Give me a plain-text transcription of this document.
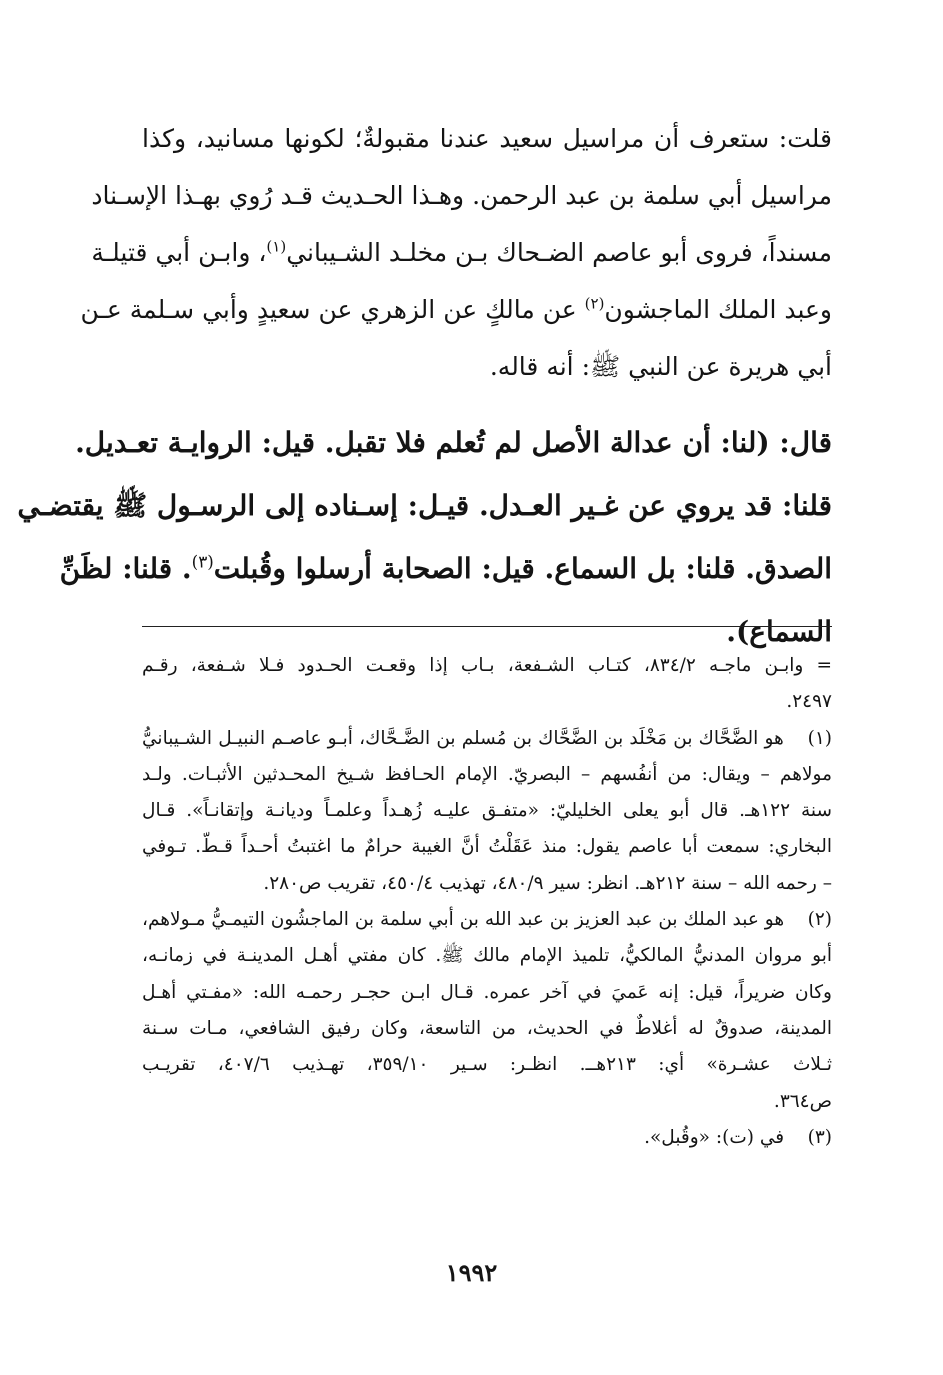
قلت: ستعرف أن مراسيل سعيد عندنا مقبولةٌ؛ لكونها مسانيد، وكذا
مراسيل أبي سلمة بن عبد الرحمن. وهـذا الحـديث قـد رُوي بهـذا الإسـناد
مسنداً، فروى أبو عاصم الضـحاك بـن مخلـد الشـيباني$^{(١)}$، وابـن أبي قتيلـة
وعبد الملك الماجشون$^{(٢)}$ عن مالكٍ عن الزهري عن سعيدٍ وأبي سـلمة عـن
أبي هريرة عن النبي ﷺ: أنه قاله.
قال: (لنا: أن عدالة الأصل لم تُعلم فلا تقبل. قيل: الروايـة تعـديل.
قلنا: قد يروي عن غـير العـدل. قيـل: إسـناده إلى الرسـول ﷺ يقتضـي
الصدق. قلنا: بل السماع. قيل: الصحابة أرسلوا وقُبلت$^{(٣)}$. قلنا: لظَنِّ
السماع).
= وابـن ماجـه ٨٣٤/٢، كتـاب الشـفعة، بـاب إذا وقعـت الحـدود فـلا شـفعة، رقـم
٢٤٩٧.
(١) هو الضَّحَّاك بن مَخْلَد بن الضَّحَّاك بن مُسلم بن الضَّـحَّاك، أبـو عاصـم النبيـل الشـيبانيُّ
مولاهم – ويقال: من أنفُسهم – البصريّ. الإمام الحـافظ شـيخ المحـدثين الأثبـات. ولـد
سنة ١٢٢هـ. قال أبو يعلى الخليليّ: «متفـق عليـه زُهـداً وعلمـاً وديانـة وإتقانـاً». قـال
البخاري: سمعت أبا عاصم يقول: منذ عَقَلْتُ أنَّ الغيبة حرامٌ ما اغتبتُ أحـداً قـطّ. تـوفي
– رحمه الله – سنة ٢١٢هـ. انظر: سير ٤٨٠/٩، تهذيب ٤٥٠/٤، تقريب ص٢٨٠.
(٢) هو عبد الملك بن عبد العزيز بن عبد الله بن أبي سلمة بن الماجشُون التيمـيُّ مـولاهم،
أبو مروان المدنيُّ المالكيُّ، تلميذ الإمام مالك ﷺ. كان مفتي أهـل المدينـة في زمانـه،
وكان ضريراً، قيل: إنه عَميَ في آخر عمره. قـال ابـن حجـر رحمـه الله: «مفـتي أهـل
المدينة، صدوقٌ له أغلاطٌ في الحديث، من التاسعة، وكان رفيق الشافعي، مـات سـنة
ثـلاث عشـرة» أي: ٢١٣هــ. انظـر: سـير ٣٥٩/١٠، تهـذيب ٤٠٧/٦، تقريـب
ص٣٦٤.
(٣) في (ت): «وقُبل».
١٩٩٢
